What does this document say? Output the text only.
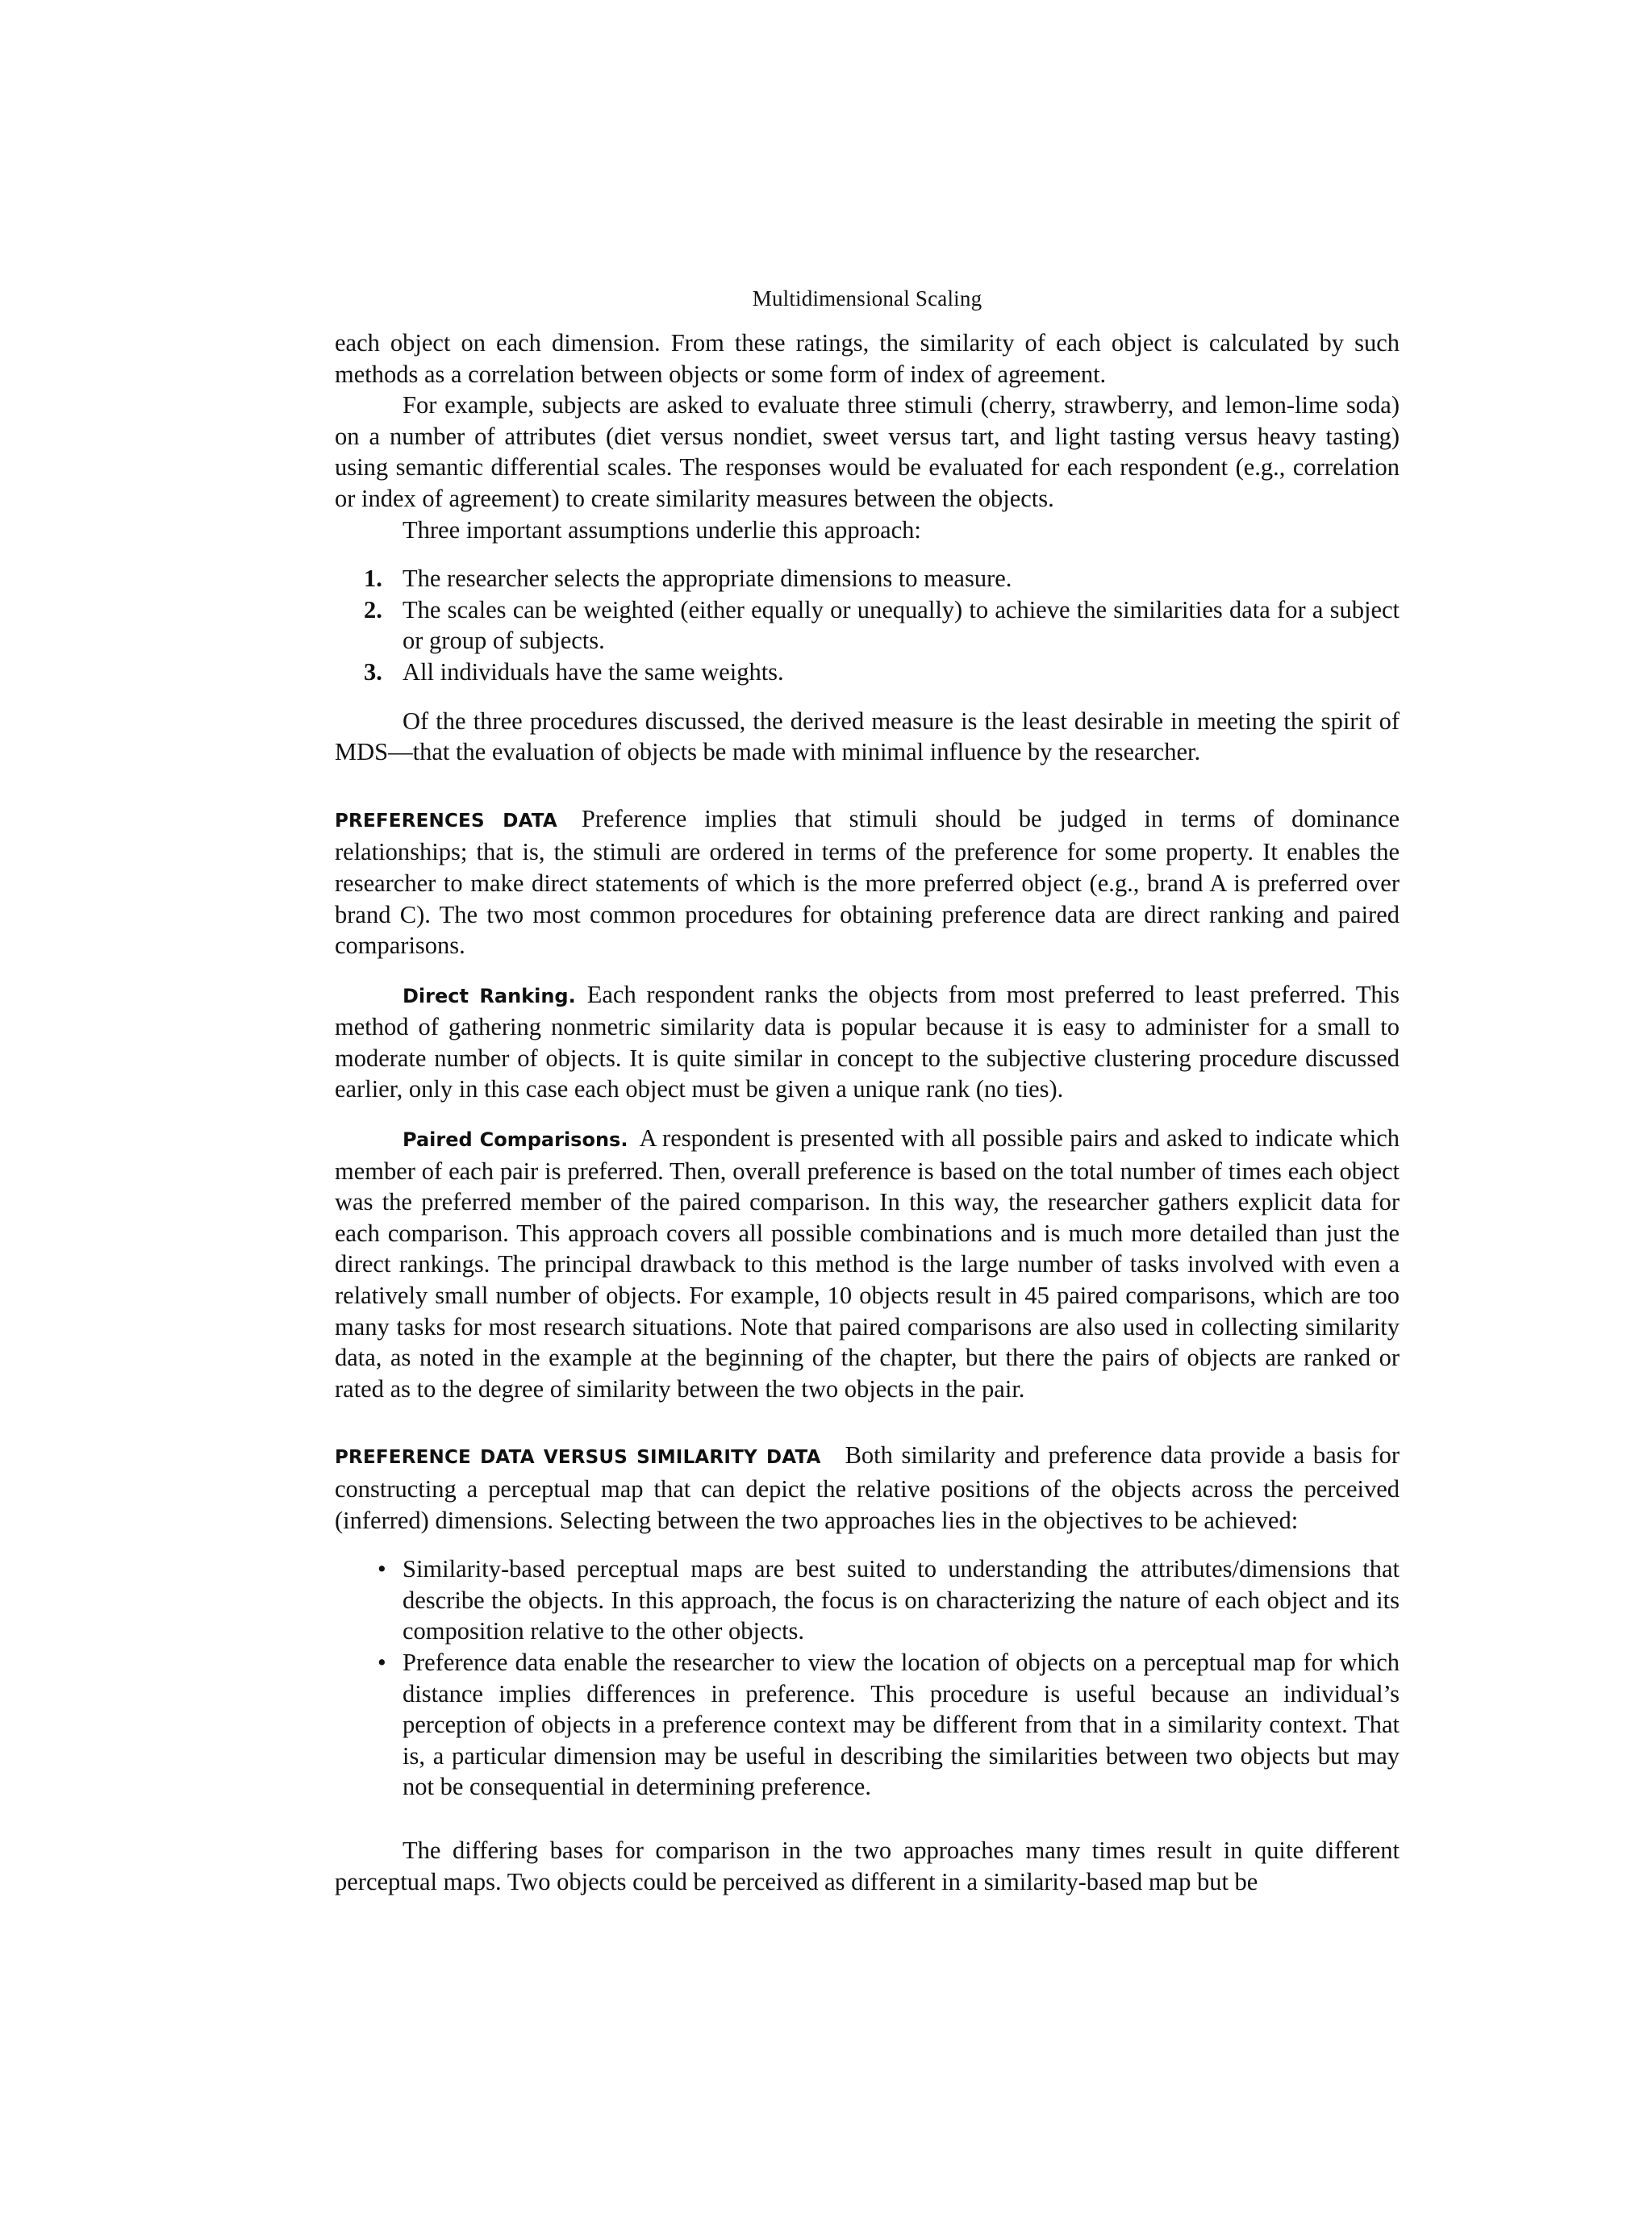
Multidimensional Scaling

each object on each dimension. From these ratings, the similarity of each object is calculated by such methods as a correlation between objects or some form of index of agreement.

For example, subjects are asked to evaluate three stimuli (cherry, strawberry, and lemon-lime soda) on a number of attributes (diet versus nondiet, sweet versus tart, and light tasting versus heavy tasting) using semantic differential scales. The responses would be evaluated for each respondent (e.g., correlation or index of agreement) to create similarity measures between the objects.

Three important assumptions underlie this approach:

1. The researcher selects the appropriate dimensions to measure.
2. The scales can be weighted (either equally or unequally) to achieve the similarities data for a subject or group of subjects.
3. All individuals have the same weights.

Of the three procedures discussed, the derived measure is the least desirable in meeting the spirit of MDS—that the evaluation of objects be made with minimal influence by the researcher.

PREFERENCES DATA Preference implies that stimuli should be judged in terms of dominance relationships; that is, the stimuli are ordered in terms of the preference for some property. It enables the researcher to make direct statements of which is the more preferred object (e.g., brand A is preferred over brand C). The two most common procedures for obtaining preference data are direct ranking and paired comparisons.

Direct Ranking. Each respondent ranks the objects from most preferred to least preferred. This method of gathering nonmetric similarity data is popular because it is easy to administer for a small to moderate number of objects. It is quite similar in concept to the subjective clustering procedure discussed earlier, only in this case each object must be given a unique rank (no ties).

Paired Comparisons. A respondent is presented with all possible pairs and asked to indicate which member of each pair is preferred. Then, overall preference is based on the total number of times each object was the preferred member of the paired comparison. In this way, the researcher gathers explicit data for each comparison. This approach covers all possible combinations and is much more detailed than just the direct rankings. The principal drawback to this method is the large number of tasks involved with even a relatively small number of objects. For example, 10 objects result in 45 paired comparisons, which are too many tasks for most research situations. Note that paired comparisons are also used in collecting similarity data, as noted in the example at the beginning of the chapter, but there the pairs of objects are ranked or rated as to the degree of similarity between the two objects in the pair.

PREFERENCE DATA VERSUS SIMILARITY DATA Both similarity and preference data provide a basis for constructing a perceptual map that can depict the relative positions of the objects across the perceived (inferred) dimensions. Selecting between the two approaches lies in the objectives to be achieved:

• Similarity-based perceptual maps are best suited to understanding the attributes/dimensions that describe the objects. In this approach, the focus is on characterizing the nature of each object and its composition relative to the other objects.
• Preference data enable the researcher to view the location of objects on a perceptual map for which distance implies differences in preference. This procedure is useful because an individual’s perception of objects in a preference context may be different from that in a similarity context. That is, a particular dimension may be useful in describing the similarities between two objects but may not be consequential in determining preference.

The differing bases for comparison in the two approaches many times result in quite different perceptual maps. Two objects could be perceived as different in a similarity-based map but be
